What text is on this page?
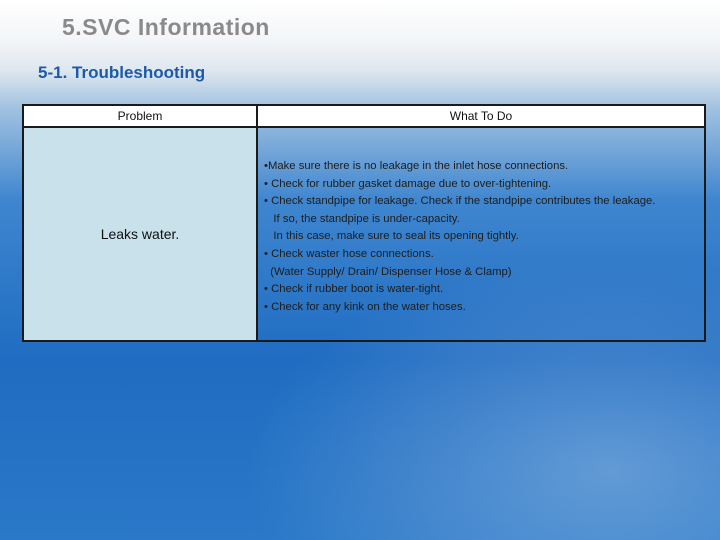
5.SVC Information
5-1. Troubleshooting
Problem
Leaks water.
What To Do

•Make sure there is no leakage in the inlet hose connections.

• Check for rubber gasket damage due to over-tightening.

• Check standpipe for leakage. Check if the standpipe contributes the leakage.

If so, the standpipe is under-capacity.

In this case, make sure to seal its opening tightly.

• Check waster hose connections.

(Water Supply/ Drain/ Dispenser Hose & Clamp)

• Check if rubber boot is water-tight.

• Check for any kink on the water hoses.
